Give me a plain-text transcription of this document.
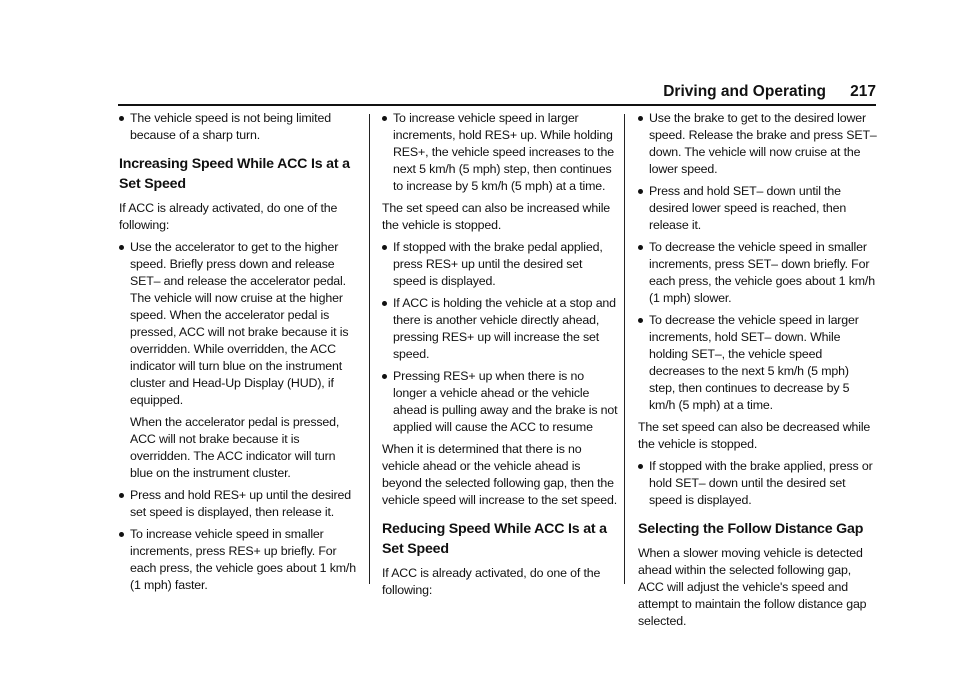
Driving and Operating	217
The vehicle speed is not being limited because of a sharp turn.
Increasing Speed While ACC Is at a Set Speed
If ACC is already activated, do one of the following:
Use the accelerator to get to the higher speed. Briefly press down and release SET– and release the accelerator pedal. The vehicle will now cruise at the higher speed. When the accelerator pedal is pressed, ACC will not brake because it is overridden. While overridden, the ACC indicator will turn blue on the instrument cluster and Head-Up Display (HUD), if equipped.
When the accelerator pedal is pressed, ACC will not brake because it is overridden. The ACC indicator will turn blue on the instrument cluster.
Press and hold RES+ up until the desired set speed is displayed, then release it.
To increase vehicle speed in smaller increments, press RES+ up briefly. For each press, the vehicle goes about 1 km/h (1 mph) faster.
To increase vehicle speed in larger increments, hold RES+ up. While holding RES+, the vehicle speed increases to the next 5 km/h (5 mph) step, then continues to increase by 5 km/h (5 mph) at a time.
The set speed can also be increased while the vehicle is stopped.
If stopped with the brake pedal applied, press RES+ up until the desired set speed is displayed.
If ACC is holding the vehicle at a stop and there is another vehicle directly ahead, pressing RES+ up will increase the set speed.
Pressing RES+ up when there is no longer a vehicle ahead or the vehicle ahead is pulling away and the brake is not applied will cause the ACC to resume
When it is determined that there is no vehicle ahead or the vehicle ahead is beyond the selected following gap, then the vehicle speed will increase to the set speed.
Reducing Speed While ACC Is at a Set Speed
If ACC is already activated, do one of the following:
Use the brake to get to the desired lower speed. Release the brake and press SET– down. The vehicle will now cruise at the lower speed.
Press and hold SET– down until the desired lower speed is reached, then release it.
To decrease the vehicle speed in smaller increments, press SET– down briefly. For each press, the vehicle goes about 1 km/h (1 mph) slower.
To decrease the vehicle speed in larger increments, hold SET– down. While holding SET–, the vehicle speed decreases to the next 5 km/h (5 mph) step, then continues to decrease by 5 km/h (5 mph) at a time.
The set speed can also be decreased while the vehicle is stopped.
If stopped with the brake applied, press or hold SET– down until the desired set speed is displayed.
Selecting the Follow Distance Gap
When a slower moving vehicle is detected ahead within the selected following gap, ACC will adjust the vehicle's speed and attempt to maintain the follow distance gap selected.
